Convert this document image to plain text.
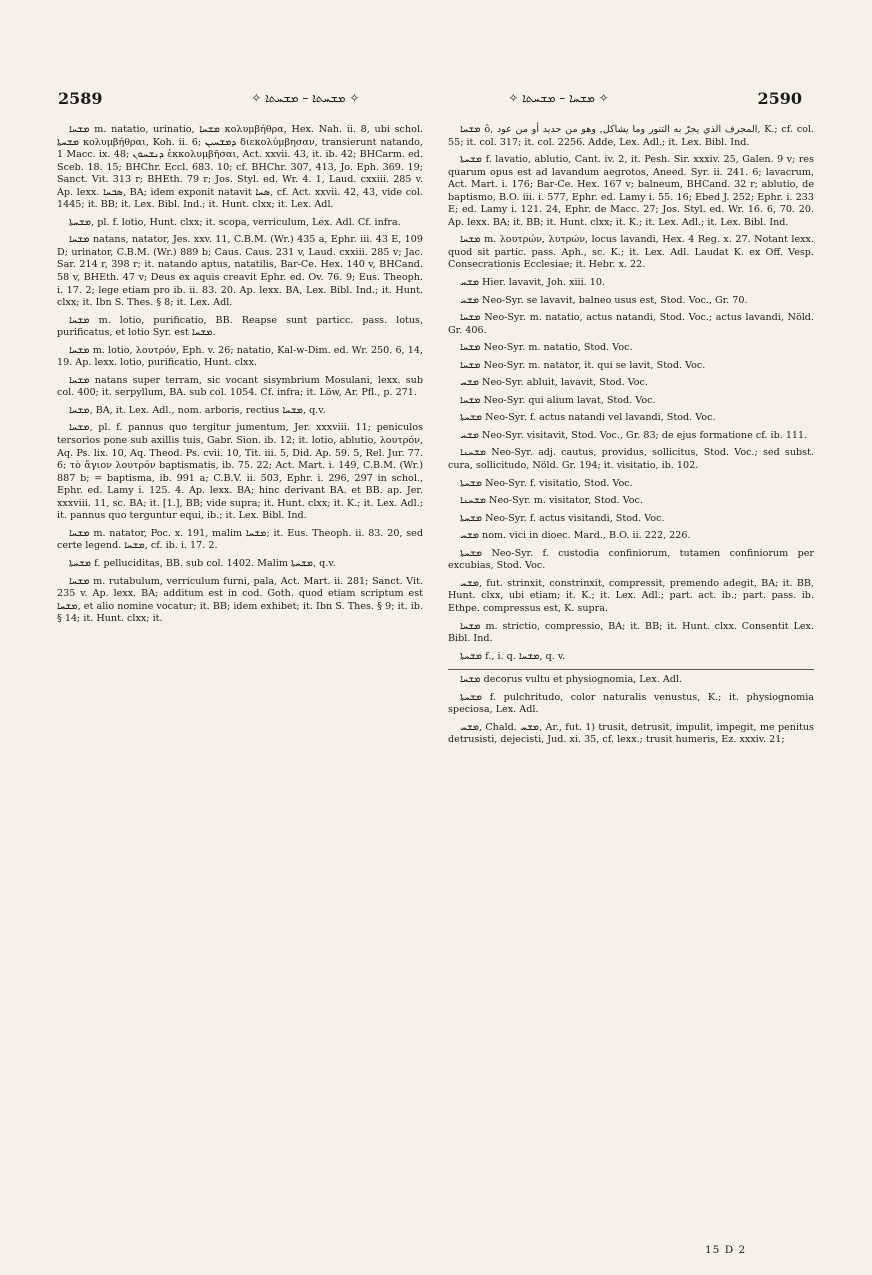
2589	✧ ܡܫܚܬܐ – ܡܫܚܬܐ ✧	✧ ܡܫܚܐ – ܡܫܚܬܐ ✧	2590

ܡܫܚܐ m. natatio, urinatio, ܡܫܚܐ κολυμβήθρα, Hex. Nah. ii. 8, ubi schol. ܡܫܚܬܐ κολυμβήθραι, Koh. ii. 6; ܕܡܫܚܝܢ διεκολύμβησαν, transierunt natando, 1 Macc. ix. 48; ܕܢܫܚܘܢ ἐκκολυμβῆσαι, Act. xxvii. 43, it. ib. 42; BHCarm. ed. Sceb. 18. 15; BHChr. Eccl. 683. 10; cf. BHChr. 307, 413, Jo. Eph. 369. 19; Sanct. Vit. 313 r; BHEth. 79 r; Jos. Styl. ed. Wr. 4. 1, Laud. cxxiii. 285 v. Ap. lexx. ܣܒܚܐ, BA; idem exponit natavit ܣܚܐ, cf. Act. xxvii. 42, 43, vide col. 1445; it. BB; it. Lex. Bibl. Ind.; it. Hunt. clxx; it. Lex. Adl.

ܡܫܚܬܐ, pl. f. lotio, Hunt. clxx; it. scopa, verriculum, Lex. Adl. Cf. infra.

ܡܫܚܐ natans, natator, Jes. xxv. 11, C.B.M. (Wr.) 435 a, Ephr. iii. 43 E, 109 D; urinator, C.B.M. (Wr.) 889 b; Caus. Caus. 231 v, Laud. cxxiii. 285 v; Jac. Sar. 214 r, 398 r; it. natando aptus, natatilis, Bar-Ce. Hex. 140 v, BHCand. 58 v, BHEth. 47 v; Deus ex aquis creavit Ephr. ed. Ov. 76. 9; Eus. Theoph. i. 17. 2; lege etiam pro ib. ii. 83. 20. Ap. lexx. BA, Lex. Bibl. Ind.; it. Hunt. clxx; it. Ibn S. Thes. § 8; it. Lex. Adl.

ܡܫܚܐ m. lotio, purificatio, BB. Reapse sunt particc. pass. lotus, purificatus, et lotio Syr. est ܡܫܚܐ.

ܡܫܚܐ m. lotio, λουτρόν, Eph. v. 26; natatio, Kal-w-Dim. ed. Wr. 250. 6, 14, 19. Ap. lexx. lotio, purificatio, Hunt. clxx.

ܡܫܚܐ natans super terram, sic vocant sisymbrium Mosulani, lexx. sub col. 400; it. serpyllum, BA. sub col. 1054. Cf. infra; it. Löw, Ar. Pfl., p. 271.

ܡܫܚܐ, BA, it. Lex. Adl., nom. arboris, rectius ܡܫܚܐ, q.v.

ܡܫܚܐ, pl. f. pannus quo tergitur jumentum, Jer. xxxviii. 11; peniculos tersorios pone sub axillis tuis, Gabr. Sion. ib. 12; it. lotio, ablutio, λουτρόν, Aq. Ps. lix. 10, Aq. Theod. Ps. cvii. 10, Tit. iii. 5, Did. Ap. 59. 5, Rel. Jur. 77. 6; τὸ ἅγιον λουτρόν baptismatis, ib. 75. 22; Act. Mart. i. 149, C.B.M. (Wr.) 887 b; = baptisma, ib. 991 a; C.B.V. ii. 503, Ephr. i. 296, 297 in schol., Ephr. ed. Lamy i. 125. 4. Ap. lexx. BA; hinc derivant BA. et BB. ap. Jer. xxxviii. 11, sc. BA; it. [1.], BB; vide supra; it. Hunt. clxx; it. K.; it. Lex. Adl.; it. pannus quo terguntur equi, ib.; it. Lex. Bibl. Ind.

ܡܫܚܐ m. natator, Poc. x. 191, malim ܡܫܚܐ; it. Eus. Theoph. ii. 83. 20, sed certe legend. ܡܫܚܐ, cf. ib. i. 17. 2.

ܡܫܚܬܐ f. pelluciditas, BB. sub col. 1402. Malim ܡܫܚܬܐ, q.v.

ܡܫܚܐ m. rutabulum, verriculum furni, pala, Act. Mart. ii. 281; Sanct. Vit. 235 v. Ap. lexx. BA; additum est in cod. Goth. quod etiam scriptum est ܡܫܚܐ, et alio nomine vocatur; it. BB; idem exhibet; it. Ibn S. Thes. § 9; it. ib. § 14; it. Hunt. clxx; it.

ܡܫܚܐ ô, المجرف الذي يجرّ به التنور وما يشاكل, وهو من حديد أو من عود, K.; cf. col. 55; it. col. 317; it. col. 2256. Adde, Lex. Adl.; it. Lex. Bibl. Ind.

ܡܫܚܬܐ f. lavatio, ablutio, Cant. iv. 2, it. Pesh. Sir. xxxiv. 25, Galen. 9 v; res quarum opus est ad lavandum aegrotos, Aneed. Syr. ii. 241. 6; lavacrum, Act. Mart. i. 176; Bar-Ce. Hex. 167 v; balneum, BHCand. 32 r; ablutio, de baptismo, B.O. iii. i. 577, Ephr. ed. Lamy i. 55. 16; Ebed J. 252; Ephr. i. 233 E; ed. Lamy i. 121. 24, Ephr. de Macc. 27; Jos. Styl. ed. Wr. 16. 6, 70. 20. Ap. lexx. BA; it. BB; it. Hunt. clxx; it. K.; it. Lex. Adl.; it. Lex. Bibl. Ind.

ܡܫܚܐ m. λουτρών, λυτρών, locus lavandi, Hex. 4 Reg. x. 27. Notant lexx. quod sit partic. pass. Aph., sc. K.; it. Lex. Adl. Laudat K. ex Off. Vesp. Consecrationis Ecclesiae; it. Hebr. x. 22.

ܡܫܚ Hier. lavavit, Joh. xiii. 10.

ܡܫܚ Neo-Syr. se lavavit, balneo usus est, Stod. Voc., Gr. 70.

ܡܫܚܐ Neo-Syr. m. natatio, actus natandi, Stod. Voc.; actus lavandi, Nöld. Gr. 406.

ܡܫܚܐ Neo-Syr. m. natatio, Stod. Voc.

ܡܫܚܐ Neo-Syr. m. natator, it. qui se lavit, Stod. Voc.

ܡܫܚ Neo-Syr. abluit, lavavit, Stod. Voc.

ܡܫܚܐ Neo-Syr. qui alium lavat, Stod. Voc.

ܡܫܚܬܐ Neo-Syr. f. actus natandi vel lavandi, Stod. Voc.

ܡܫܚ Neo-Syr. visitavit, Stod. Voc., Gr. 83; de ejus formatione cf. ib. 111.

ܡܫܚܢܐ Neo-Syr. adj. cautus, providus, sollicitus, Stod. Voc.; sed subst. cura, sollicitudo, Nöld. Gr. 194; it. visitatio, ib. 102.

ܡܫܚܬܐ Neo-Syr. f. visitatio, Stod. Voc.

ܡܫܚܢܐ Neo-Syr. m. visitator, Stod. Voc.

ܡܫܚܬܐ Neo-Syr. f. actus visitandi, Stod. Voc.

ܡܫܚ nom. vici in dioec. Mard., B.O. ii. 222, 226.

ܡܫܚܬܐ Neo-Syr. f. custodia confiniorum, tutamen confiniorum per excubias, Stod. Voc.

ܡܫܚ, fut. strinxit, constrinxit, compressit, premendo adegit, BA; it. BB, Hunt. clxx, ubi etiam; it. K.; it. Lex. Adl.; part. act. ib.; part. pass. ib. Ethpe. compressus est, K. supra.

ܡܫܚܐ m. strictio, compressio, BA; it. BB; it. Hunt. clxx. Consentit Lex. Bibl. Ind.

ܡܫܚܬܐ f., i. q. ܡܫܚܐ, q. v.

ܡܫܚܐ decorus vultu et physiognomia, Lex. Adl.

ܡܫܚܬܐ f. pulchritudo, color naturalis venustus, K.; it. physiognomia speciosa, Lex. Adl.

ܡܫܚ, Chald. ܡܫܚ, Ar., fut. 1) trusit, detrusit, impulit, impegit, me penitus detrusisti, dejecisti, Jud. xi. 35, cf. lexx.; trusit humeris, Ez. xxxiv. 21;

15 D 2
